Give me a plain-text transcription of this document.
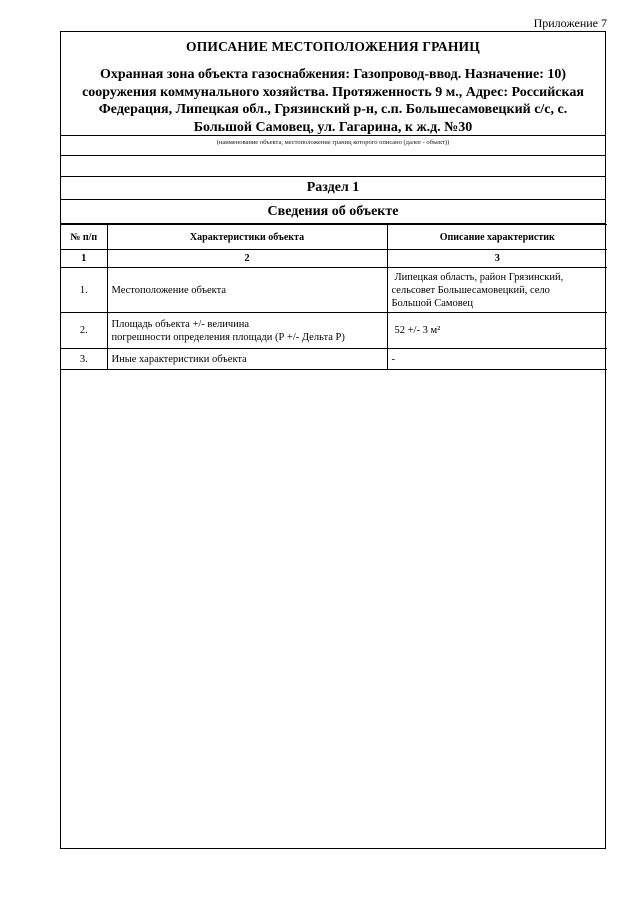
Приложение 7
ОПИСАНИЕ МЕСТОПОЛОЖЕНИЯ ГРАНИЦ
Охранная зона объекта газоснабжения: Газопровод-ввод. Назначение: 10)
сооружения коммунального хозяйства. Протяженность 9 м., Адрес: Российская
Федерация, Липецкая обл., Грязинский р-н, с.п. Большесамовецкий с/с, с.
Большой Самовец, ул. Гагарина, к ж.д. №30
(наименование объекта, местоположение границ которого описано (далее - объект))
Раздел 1
Сведения об объекте
№ п/п	Характеристики объекта	Описание характеристик
1	2	3
1.	Местоположение объекта	Липецкая область, район Грязинский,
сельсовет Большесамовецкий, село
Большой Самовец

2.	Площадь объекта +/- величина
погрешности определения площади (Р +/- Дельта Р)	52 +/- 3 м²

3.	Иные характеристики объекта	-
